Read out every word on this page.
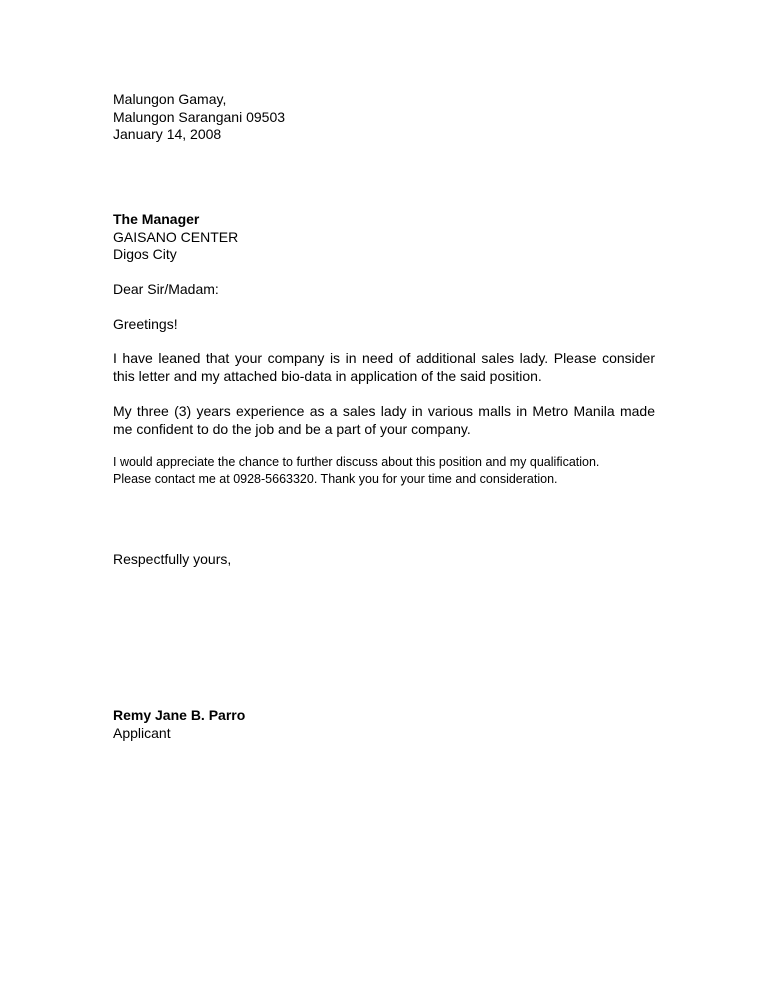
Malungon Gamay,
Malungon Sarangani 09503
January 14, 2008
The Manager
GAISANO CENTER
Digos City
Dear Sir/Madam:
Greetings!
I have leaned that your company is in need of additional sales lady. Please consider this letter and my attached bio-data in application of the said position.
My three (3) years experience as a sales lady in various malls in Metro Manila made me confident to do the job and be a part of your company.
I would appreciate the chance to further discuss about this position and my qualification.
Please contact me at 0928-5663320. Thank you for your time and consideration.
Respectfully yours,
Remy Jane B. Parro
Applicant
